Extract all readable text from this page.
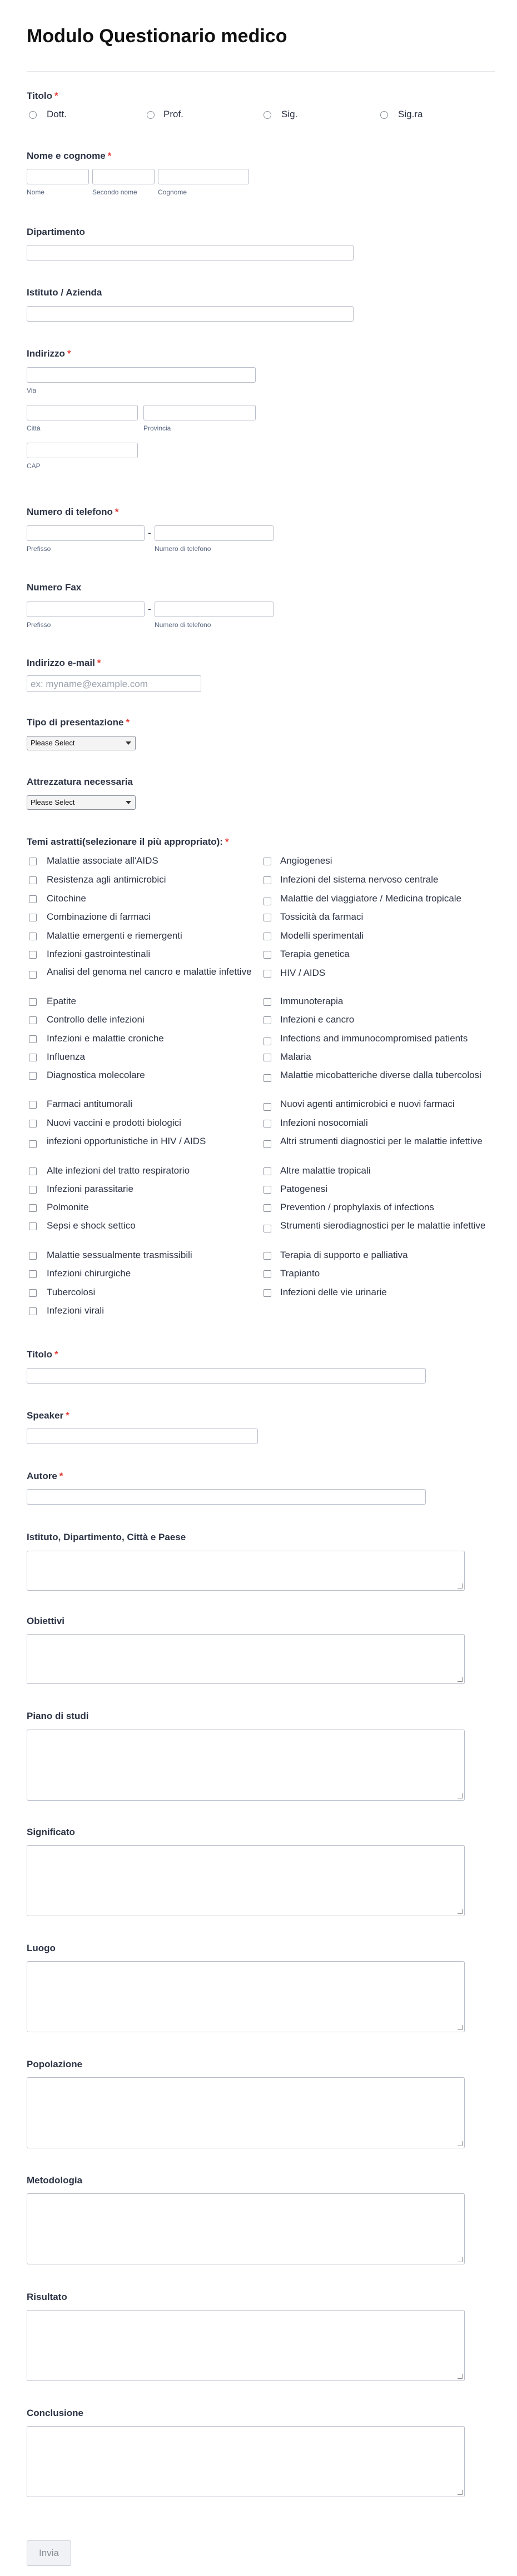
Modulo Questionario medico
Titolo *
Dott.	Prof.	Sig.	Sig.ra
Nome e cognome *
Nome	Secondo nome	Cognome
Dipartimento
Istituto / Azienda
Indirizzo *
Via
Città	Provincia
CAP
Numero di telefono *
-
Prefisso	Numero di telefono
Numero Fax
-
Prefisso	Numero di telefono
Indirizzo e-mail *
ex: myname@example.com
Tipo di presentazione *
Please Select
Attrezzatura necessaria
Please Select
Temi astratti(selezionare il più appropriato): *
Malattie associate all'AIDS
Resistenza agli antimicrobici
Citochine
Combinazione di farmaci
Malattie emergenti e riemergenti
Infezioni gastrointestinali
Analisi del genoma nel cancro e malattie infettive
Epatite
Controllo delle infezioni
Infezioni e malattie croniche
Influenza
Diagnostica molecolare
Farmaci antitumorali
Nuovi vaccini e prodotti biologici
infezioni opportunistiche in HIV / AIDS
Alte infezioni del tratto respiratorio
Infezioni parassitarie
Polmonite
Sepsi e shock settico
Malattie sessualmente trasmissibili
Infezioni chirurgiche
Tubercolosi
Infezioni virali
Angiogenesi
Infezioni del sistema nervoso centrale
Malattie del viaggiatore / Medicina tropicale
Tossicità da farmaci
Modelli sperimentali
Terapia genetica
HIV / AIDS
Immunoterapia
Infezioni e cancro
Infections and immunocompromised patients
Malaria
Malattie micobatteriche diverse dalla tubercolosi
Nuovi agenti antimicrobici e nuovi farmaci
Infezioni nosocomiali
Altri strumenti diagnostici per le malattie infettive
Altre malattie tropicali
Patogenesi
Prevention / prophylaxis of infections
Strumenti sierodiagnostici per le malattie infettive
Terapia di supporto e palliativa
Trapianto
Infezioni delle vie urinarie
Titolo *
Speaker *
Autore *
Istituto, Dipartimento, Città e Paese
Obiettivi
Piano di studi
Significato
Luogo
Popolazione
Metodologia
Risultato
Conclusione
Invia
